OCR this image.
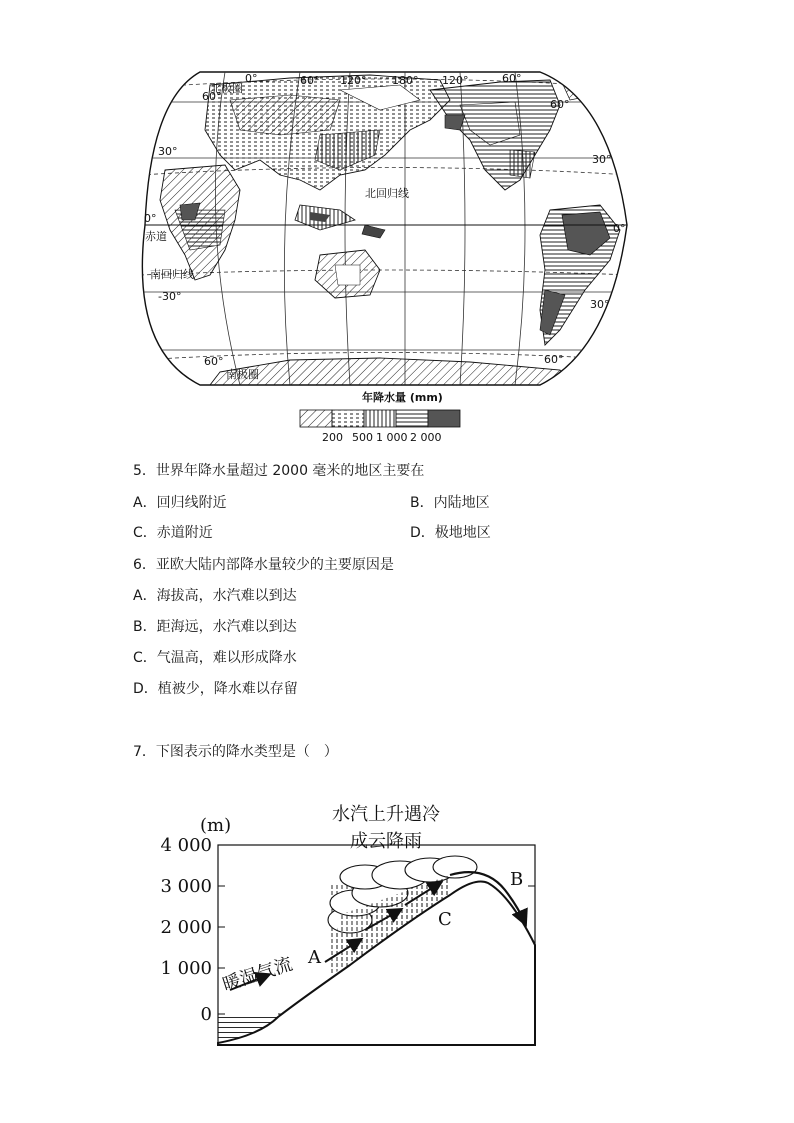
60°
30°
0°
-30°
60°
60°
30°
0°
30°
60°
0°	60° 120° 180° 120°	60°
北极圈
北回归线
赤道
南回归线
南极圈
年降水量 (mm)
200 500 1 000 2 000
5．世界年降水量超过 2000 毫米的地区主要在
A．回归线附近	B．内陆地区
C．赤道附近	D．极地地区
6．亚欧大陆内部降水量较少的主要原因是
A．海拔高，水汽难以到达
B．距海远，水汽难以到达
C．气温高，难以形成降水
D．植被少，降水难以存留
7．下图表示的降水类型是（　）
(m)
4 000
3 000
2 000
1 000
0
水汽上升遇冷
成云降雨
暖湿气流 A
B
C
